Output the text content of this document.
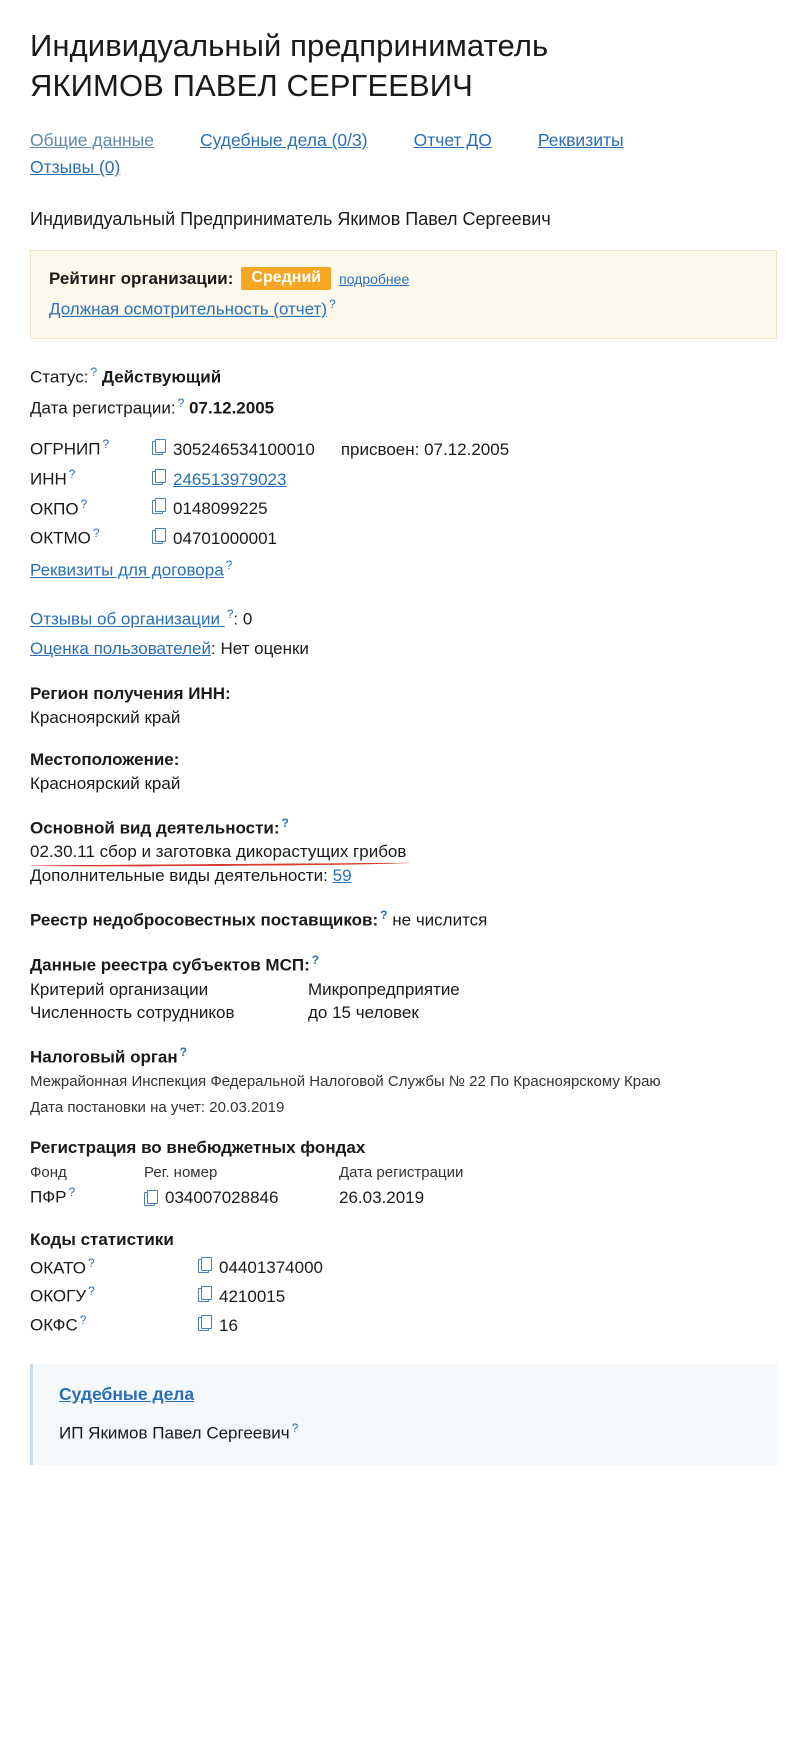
Индивидуальный предприниматель
ЯКИМОВ ПАВЕЛ СЕРГЕЕВИЧ
Общие данные	Судебные дела (0/3)	Отчет ДО	Реквизиты
Отзывы (0)
Индивидуальный Предприниматель Якимов Павел Сергеевич
Рейтинг организации:	Средний	подробнее
Должная осмотрительность (отчет) ?
Статус: ? Действующий
Дата регистрации: ? 07.12.2005
ОГРНИП ?	305246534100010 присвоен: 07.12.2005
ИНН ?	246513979023
ОКПО ?	0148099225
ОКТМО ?	04701000001
Реквизиты для договора ?
Отзывы об организации ?: 0
Оценка пользователей: Нет оценки
Регион получения ИНН:
Красноярский край
Местоположение:
Красноярский край
Основной вид деятельности: ?
02.30.11 сбор и заготовка дикорастущих грибов
Дополнительные виды деятельности: 59
Реестр недобросовестных поставщиков: ? не числится
Данные реестра субъектов МСП: ?
Критерий организации	Микропредприятие
Численность сотрудников	до 15 человек
Налоговый орган ?
Межрайонная Инспекция Федеральной Налоговой Службы № 22 По Красноярскому Краю
Дата постановки на учет: 20.03.2019
Регистрация во внебюджетных фондах
Фонд	Рег. номер	Дата регистрации
ПФР ?	034007028846	26.03.2019
Коды статистики
ОКАТО ?	04401374000
ОКОГУ ?	4210015
ОКФС ?	16
Судебные дела
ИП Якимов Павел Сергеевич ?
